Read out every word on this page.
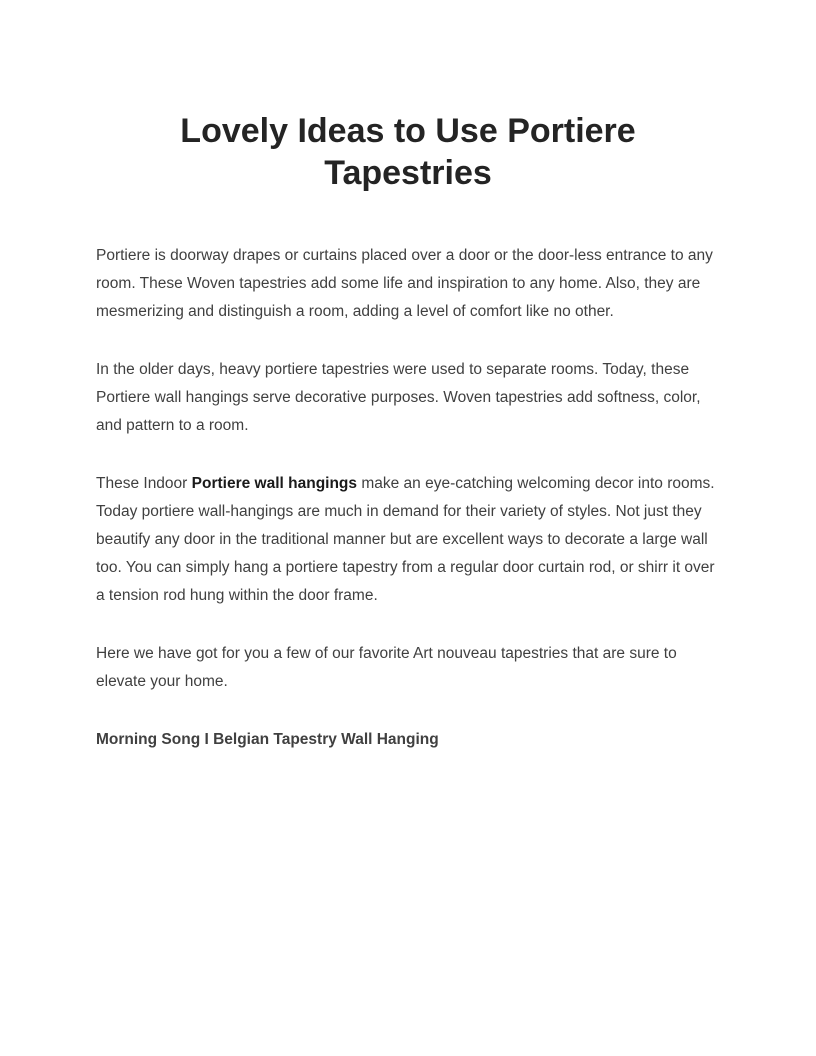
Lovely Ideas to Use Portiere Tapestries

Portiere is doorway drapes or curtains placed over a door or the door-less entrance to any room. These Woven tapestries add some life and inspiration to any home. Also, they are mesmerizing and distinguish a room, adding a level of comfort like no other.

In the older days, heavy portiere tapestries were used to separate rooms. Today, these Portiere wall hangings serve decorative purposes. Woven tapestries add softness, color, and pattern to a room.

These Indoor Portiere wall hangings make an eye-catching welcoming decor into rooms. Today portiere wall-hangings are much in demand for their variety of styles. Not just they beautify any door in the traditional manner but are excellent ways to decorate a large wall too. You can simply hang a portiere tapestry from a regular door curtain rod, or shirr it over a tension rod hung within the door frame.

Here we have got for you a few of our favorite Art nouveau tapestries that are sure to elevate your home.

Morning Song I Belgian Tapestry Wall Hanging
